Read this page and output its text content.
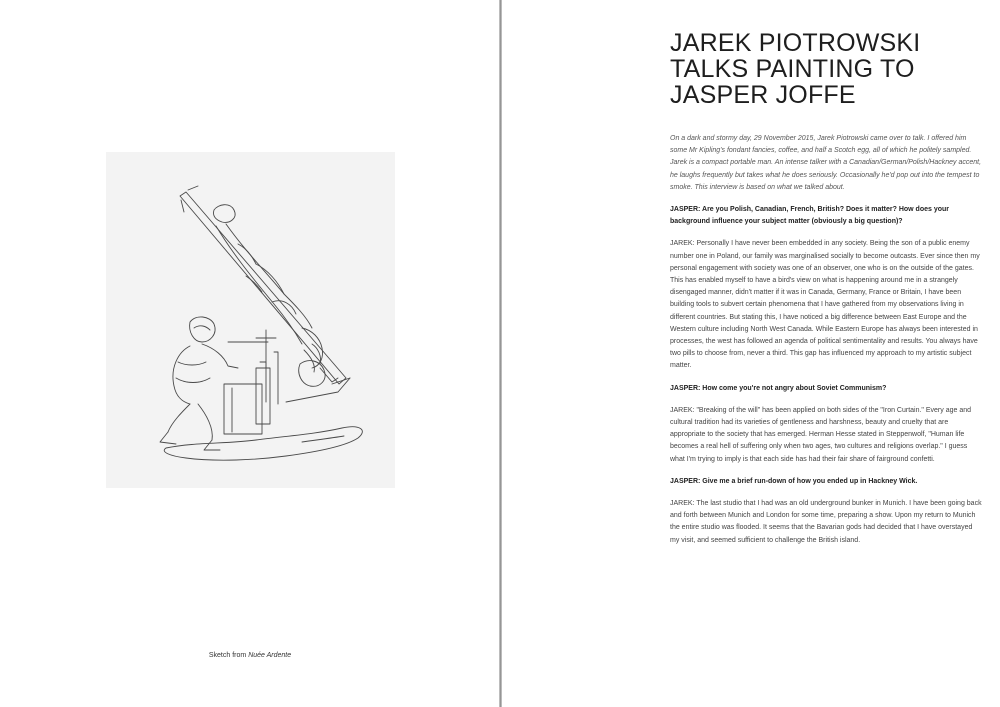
Sketch from Nuée Ardente
JAREK PIOTROWSKI
TALKS PAINTING TO
JASPER JOFFE

On a dark and stormy day, 29 November 2015, Jarek Piotrowski came over to talk. I offered him some Mr Kipling's fondant fancies, coffee, and half a Scotch egg, all of which he politely sampled. Jarek is a compact portable man. An intense talker with a Canadian/German/Polish/Hackney accent, he laughs frequently but takes what he does seriously. Occasionally he'd pop out into the tempest to smoke. This interview is based on what we talked about.

JASPER: Are you Polish, Canadian, French, British? Does it matter? How does your background influence your subject matter (obviously a big question)?

JAREK: Personally I have never been embedded in any society. Being the son of a public enemy number one in Poland, our family was marginalised socially to become outcasts. Ever since then my personal engagement with society was one of an observer, one who is on the outside of the gates. This has enabled myself to have a bird's view on what is happening around me in a strangely disengaged manner, didn't matter if it was in Canada, Germany, France or Britain, I have been building tools to subvert certain phenomena that I have gathered from my observations living in different countries. But stating this, I have noticed a big difference between East Europe and the Western culture including North West Canada. While Eastern Europe has always been interested in processes, the west has followed an agenda of political sentimentality and results. You always have two pills to choose from, never a third. This gap has influenced my approach to my artistic subject matter.

JASPER: How come you're not angry about Soviet Communism?

JAREK: "Breaking of the will" has been applied on both sides of the "Iron Curtain." Every age and cultural tradition had its varieties of gentleness and harshness, beauty and cruelty that are appropriate to the society that has emerged. Herman Hesse stated in Steppenwolf, "Human life becomes a real hell of suffering only when two ages, two cultures and religions overlap." I guess what I'm trying to imply is that each side has had their fair share of fairground confetti.

JASPER: Give me a brief run-down of how you ended up in Hackney Wick.

JAREK: The last studio that I had was an old underground bunker in Munich. I have been going back and forth between Munich and London for some time, preparing a show. Upon my return to Munich the entire studio was flooded. It seems that the Bavarian gods had decided that I have overstayed my visit, and seemed sufficient to challenge the British island.
